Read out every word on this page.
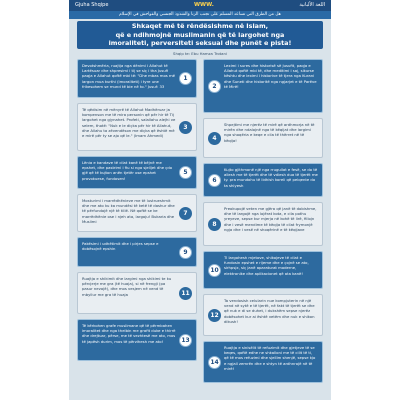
Gjuha Shqipe	WWW.	اللغة الألبانية
هل من الطرق التي تساعد المسلم على تجنب الزنا والشذوذ الجنسي والفواحش في الإسلام
Shkaqet më të rëndësishme në Islam,
që e ndihmojnë muslimanin që të largohet nga
imoraliteti, perversiteti seksual dhe punët e pista!
Shqip te: Ebu Hamza Trotani
Devotshmëria, ruajtja nga dënimi i Allahut të Lartësuar dhe shpresimi i tij se siç i tha Jusufi paqja e Allahut qoftë mbi të: "Dhe mbas mos më largon mua kurthi (imoraliteti) i tyre une frikesohem se mund të bie në to." Jusuf: 33
1
Të qëdisim në mënyrë të Allahut Madhëruar ja kompenson me të mira personin që për hir të Tij largohet nga gjynahet. Profeti, salallahu alejhi ve selem, thotë: "Nuk e le diçka për hir të Allahut, dhe Allahu ta zëvendëson me diçka që është më e mirë për ty se ajo që le." (Imam Ahmedi)
3
Lënia e kandave të cilat kanë të bëjnë me epshet, dhe pastrimi i fiu si nga sjelljet dhe çdo gjë që të kujton anën tjetër ose epshet provokuese, fundosen!
5
Mosturimi i marrëdhënieve me të lustrueshmit dhe me ato ku ka mundësi të ketë të dashur dhe të përfundojë një të tillë. Në qoftë se ke marrëdhënie ose i njeh ata, largoju! Bukaria dhe Muslimi
7
Pakësimi i udhëtimit dhe i pirjes sepse e dobësojnë epshin	9
Ruajtja e shikimit dhe largimi nga shikimi te ku përcjerje me gra (të huaja), si në frengji (pa pasur nevojë), dhe mos vesjem në vend të mbyllur me gra të huaja	11
Të kërkohen grafe muslimane që të përmbahen imoralitet dhe nga thelbin me grafit duke e thirrë dhe drejtuar, përse, me të vezhtesë me ato, mos të japësh durim, mos të përzihesh me ato!	13
Leximi i sures dhe historisë së Jusufit, paqja e Allahut qoftë mbi të, dhe meditimi i saj, sikurse kështu dhe leximi i historive të tjera nga Kurani dhe Suneti dhe historitë nga ngjarjet e të Parëve të Mirë!
2
Shpejtimi me njerëz të mirë që ardhmorja në të mirën dhe ndalojnë nga të këqijat dhe largimi nga shoqëria e keqe e cila të thërret në të këqija!
4
Kujto gjithmonë një nga rrugullat e fesë, se do të allesh me të tjerët dhe të vdiesh dua të tjerët me ty. pra mundohu të lidhish koreli që pelqente do ta shlyesh
6
Preokupojë veten me gjëra që janë të dobishme, dhe të largojë nga lojërat kota, e cila pothu yreyeve, sepse kur mjerja në kohë të lirë, fillojn dhe i vesë mendime të këqija të cilat frymonjë ngja dhe i vesë në shoqërinë e të këqijave
8
Ti largohesh mjetove, shikojeve të cilat e fundosin epshet e rijeme dhe e çojnë se ato, sirhpsjx, siç janë aparaturat moderne, elektronike dhe aplikacionet që ata kanë!
10
Ta vendosish celularin nue kompjuterin në një vend në sytë e të tjerët, në fakt të tjerët se dhe që nuk e di se duhet, i dukshëm sepse njerëz dobësohet kur ai është vetëm dhe nuk e shikon dikush!
12
Ruajtja e sinisëlit të refuzimit dhe gjetjeve të se keqes, qoftë edhe ne shkalloni me të cilit të ti, që të mos refuzimi dhe sjellim shenjë, sepse kjo e ngjall zemrën dhe e shtyn të ardhnrojë në të mirë!
14
